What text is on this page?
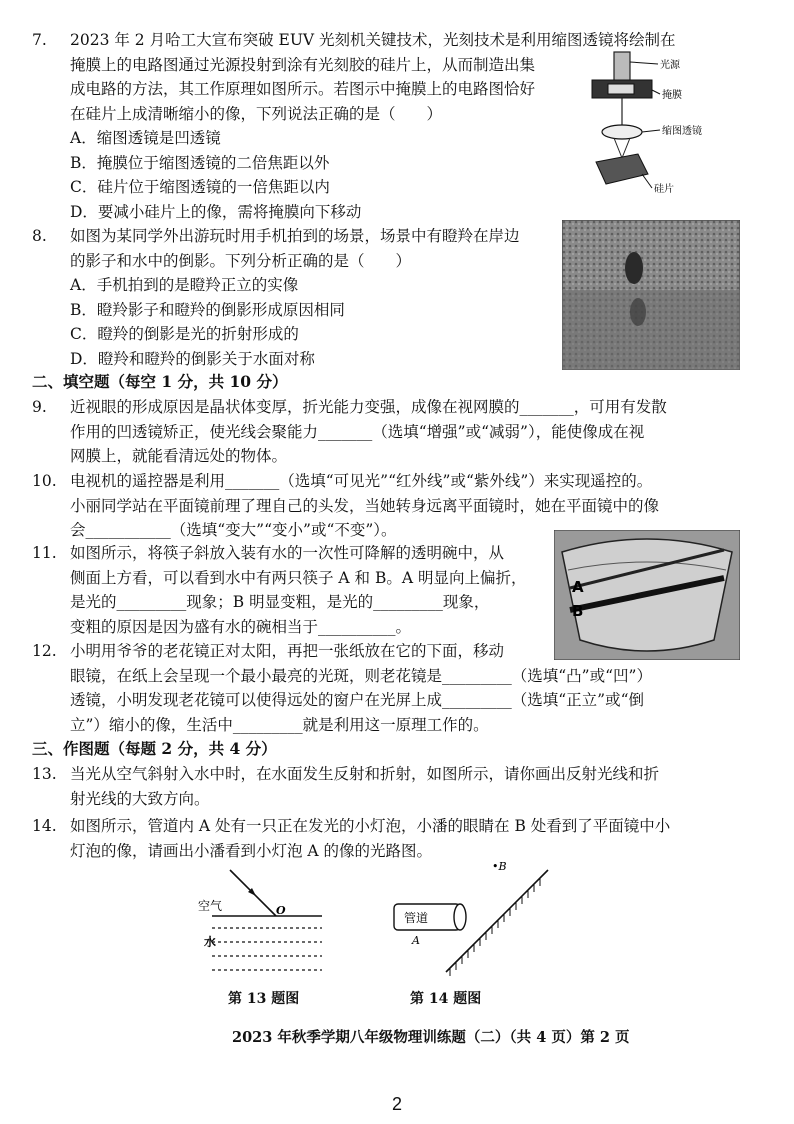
7.	2023 年 2 月哈工大宣布突破 EUV 光刻机关键技术，光刻技术是利用缩图透镜将绘制在
掩膜上的电路图通过光源投射到涂有光刻胶的硅片上，从而制造出集
成电路的方法，其工作原理如图所示。若图示中掩膜上的电路图恰好
在硅片上成清晰缩小的像，下列说法正确的是（　　）
A．缩图透镜是凹透镜
B．掩膜位于缩图透镜的二倍焦距以外
C．硅片位于缩图透镜的一倍焦距以内
D．要减小硅片上的像，需将掩膜向下移动
光源
掩膜
缩图透镜
硅片
8.	如图为某同学外出游玩时用手机拍到的场景，场景中有瞪羚在岸边
的影子和水中的倒影。下列分析正确的是（　　）
A．手机拍到的是瞪羚正立的实像
B．瞪羚影子和瞪羚的倒影形成原因相同
C．瞪羚的倒影是光的折射形成的
D．瞪羚和瞪羚的倒影关于水面对称
二、填空题（每空 1 分，共 10 分）
9.	近视眼的形成原因是晶状体变厚，折光能力变强，成像在视网膜的_______，可用有发散
作用的凹透镜矫正，使光线会聚能力_______（选填“增强”或“减弱”），能使像成在视
网膜上，就能看清远处的物体。
10. 电视机的遥控器是利用_______（选填“可见光”“红外线”或“紫外线”）来实现遥控的。
小丽同学站在平面镜前理了理自己的头发，当她转身远离平面镜时，她在平面镜中的像
会___________（选填“变大”“变小”或“不变”）。
11. 如图所示，将筷子斜放入装有水的一次性可降解的透明碗中，从
侧面上方看，可以看到水中有两只筷子 A 和 B。A 明显向上偏折，
是光的_________现象；B 明显变粗，是光的_________现象，
变粗的原因是因为盛有水的碗相当于__________。
A
B
12. 小明用爷爷的老花镜正对太阳，再把一张纸放在它的下面，移动
眼镜，在纸上会呈现一个最小最亮的光斑，则老花镜是_________（选填“凸”或“凹”）
透镜，小明发现老花镜可以使得远处的窗户在光屏上成_________（选填“正立”或“倒
立”）缩小的像，生活中_________就是利用这一原理工作的。
三、作图题（每题 2 分，共 4 分）
13. 当光从空气斜射入水中时，在水面发生反射和折射，如图所示，请你画出反射光线和折
射光线的大致方向。
14. 如图所示，管道内 A 处有一只正在发光的小灯泡，小潘的眼睛在 B 处看到了平面镜中小
灯泡的像，请画出小潘看到小灯泡 A 的像的光路图。
空气
水
O
第 13 题图
管道
A
•B
第 14 题图
2023 年秋季学期八年级物理训练题（二）（共 4 页）第 2 页
2
